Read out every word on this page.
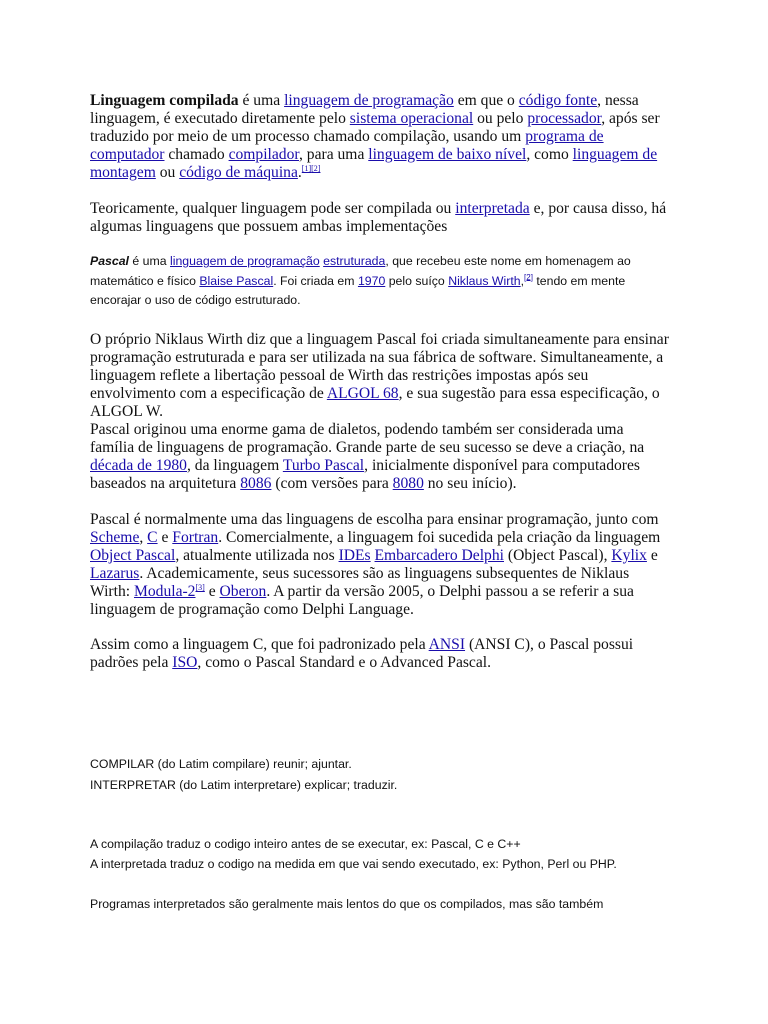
Linguagem compilada é uma linguagem de programação em que o código fonte, nessa linguagem, é executado diretamente pelo sistema operacional ou pelo processador, após ser traduzido por meio de um processo chamado compilação, usando um programa de computador chamado compilador, para uma linguagem de baixo nível, como linguagem de montagem ou código de máquina.[1][2]

Teoricamente, qualquer linguagem pode ser compilada ou interpretada e, por causa disso, há algumas linguagens que possuem ambas implementações

Pascal é uma linguagem de programação estruturada, que recebeu este nome em homenagem ao matemático e físico Blaise Pascal. Foi criada em 1970 pelo suíço Niklaus Wirth,[2] tendo em mente encorajar o uso de código estruturado.

O próprio Niklaus Wirth diz que a linguagem Pascal foi criada simultaneamente para ensinar programação estruturada e para ser utilizada na sua fábrica de software. Simultaneamente, a linguagem reflete a libertação pessoal de Wirth das restrições impostas após seu envolvimento com a especificação de ALGOL 68, e sua sugestão para essa especificação, o ALGOL W.

Pascal originou uma enorme gama de dialetos, podendo também ser considerada uma família de linguagens de programação. Grande parte de seu sucesso se deve a criação, na década de 1980, da linguagem Turbo Pascal, inicialmente disponível para computadores baseados na arquitetura 8086 (com versões para 8080 no seu início).

Pascal é normalmente uma das linguagens de escolha para ensinar programação, junto com Scheme, C e Fortran. Comercialmente, a linguagem foi sucedida pela criação da linguagem Object Pascal, atualmente utilizada nos IDEs Embarcadero Delphi (Object Pascal), Kylix e Lazarus. Academicamente, seus sucessores são as linguagens subsequentes de Niklaus Wirth: Modula-2[3] e Oberon. A partir da versão 2005, o Delphi passou a se referir a sua linguagem de programação como Delphi Language.

Assim como a linguagem C, que foi padronizado pela ANSI (ANSI C), o Pascal possui padrões pela ISO, como o Pascal Standard e o Advanced Pascal.

COMPILAR (do Latim compilare) reunir; ajuntar.

INTERPRETAR (do Latim interpretare) explicar; traduzir.

A compilação traduz o codigo inteiro antes de se executar, ex: Pascal, C e C++

A interpretada traduz o codigo na medida em que vai sendo executado, ex: Python, Perl ou PHP.

Programas interpretados são geralmente mais lentos do que os compilados, mas são também
